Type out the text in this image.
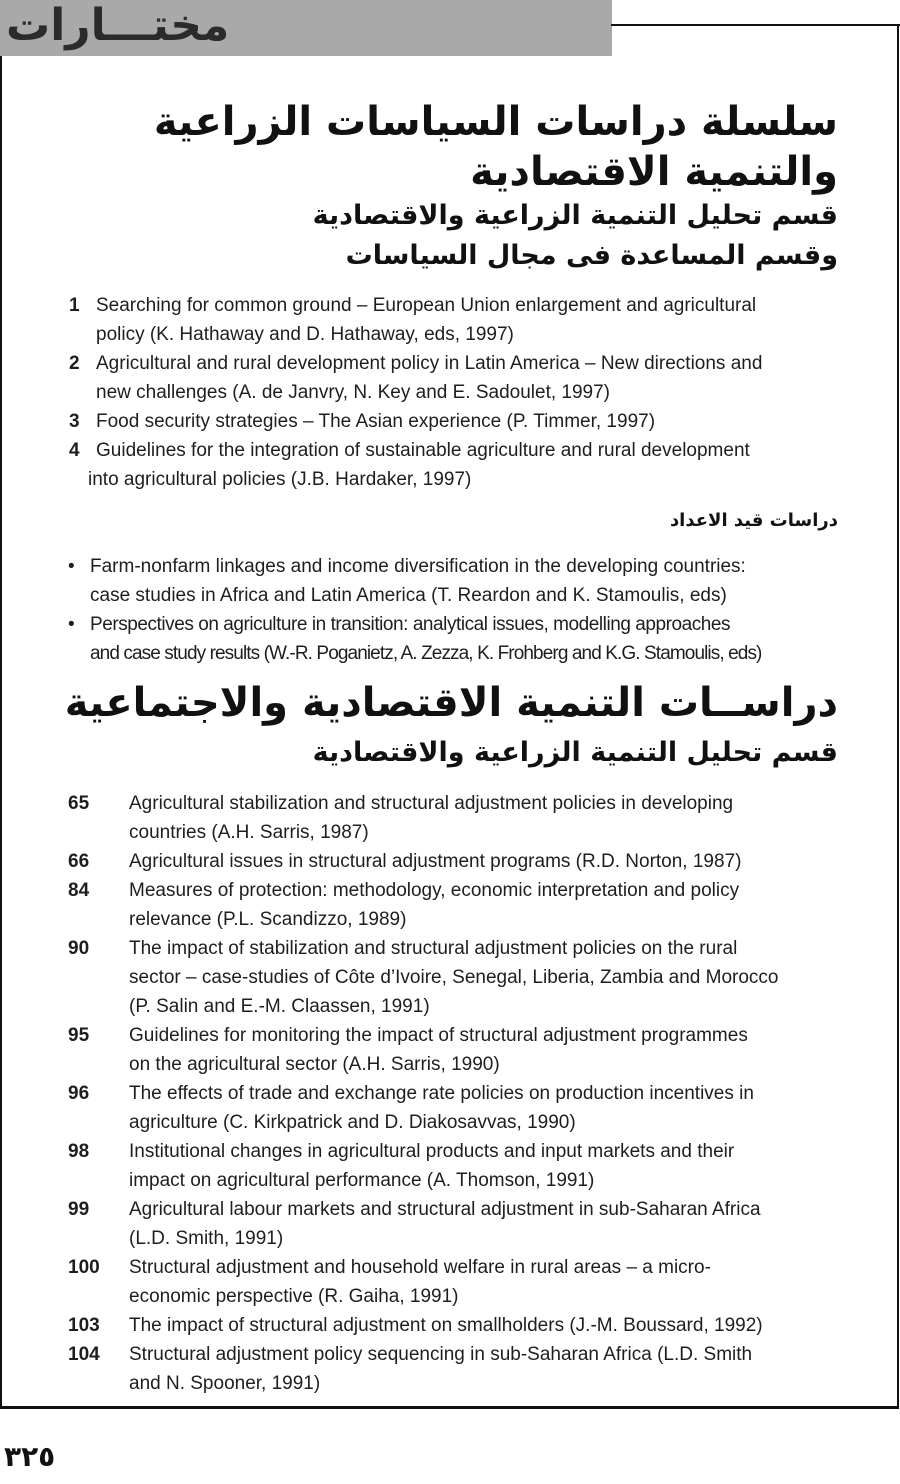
مختـــارات
سلسلة دراسات السياسات الزراعية
والتنمية الاقتصادية
قسم تحليل التنمية الزراعية والاقتصادية
وقسم المساعدة فى مجال السياسات
1 Searching for common ground – European Union enlargement and agricultural
policy (K. Hathaway and D. Hathaway, eds, 1997)
2 Agricultural and rural development policy in Latin America – New directions and
new challenges (A. de Janvry, N. Key and E. Sadoulet, 1997)
3 Food security strategies – The Asian experience (P. Timmer, 1997)
4 Guidelines for the integration of sustainable agriculture and rural development
into agricultural policies (J.B. Hardaker, 1997)
دراسات قيد الاعداد
• Farm-nonfarm linkages and income diversification in the developing countries:
case studies in Africa and Latin America (T. Reardon and K. Stamoulis, eds)
• Perspectives on agriculture in transition: analytical issues, modelling approaches
and case study results (W.-R. Poganietz, A. Zezza, K. Frohberg and K.G. Stamoulis, eds)
دراســات التنمية الاقتصادية والاجتماعية
قسم تحليل التنمية الزراعية والاقتصادية
65 Agricultural stabilization and structural adjustment policies in developing
countries (A.H. Sarris, 1987)
66 Agricultural issues in structural adjustment programs (R.D. Norton, 1987)
84 Measures of protection: methodology, economic interpretation and policy
relevance (P.L. Scandizzo, 1989)
90 The impact of stabilization and structural adjustment policies on the rural
sector – case-studies of Côte d’Ivoire, Senegal, Liberia, Zambia and Morocco
(P. Salin and E.-M. Claassen, 1991)
95 Guidelines for monitoring the impact of structural adjustment programmes
on the agricultural sector (A.H. Sarris, 1990)
96 The effects of trade and exchange rate policies on production incentives in
agriculture (C. Kirkpatrick and D. Diakosavvas, 1990)
98 Institutional changes in agricultural products and input markets and their
impact on agricultural performance (A. Thomson, 1991)
99 Agricultural labour markets and structural adjustment in sub-Saharan Africa
(L.D. Smith, 1991)
100 Structural adjustment and household welfare in rural areas – a micro-
economic perspective (R. Gaiha, 1991)
103 The impact of structural adjustment on smallholders (J.-M. Boussard, 1992)
104 Structural adjustment policy sequencing in sub-Saharan Africa (L.D. Smith
and N. Spooner, 1991)
٣٢٥
